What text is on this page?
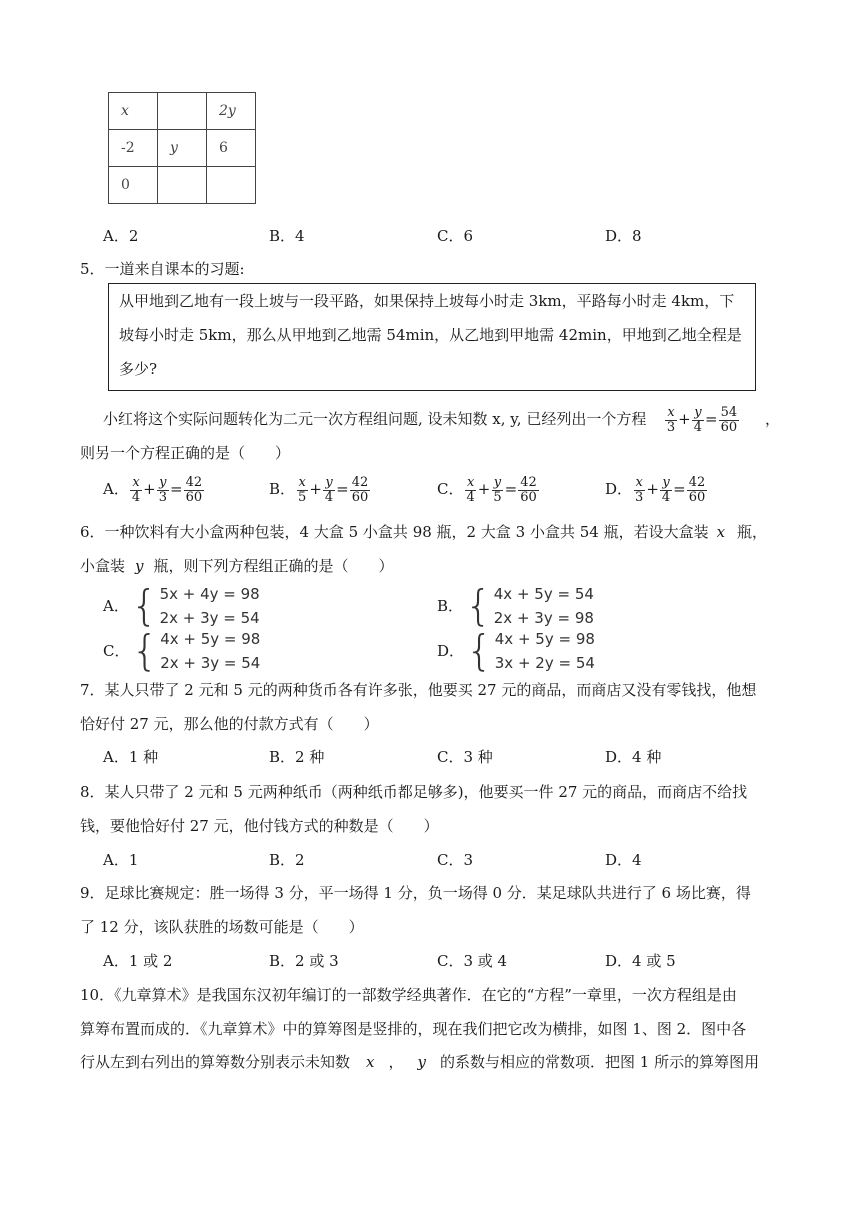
x		2y
-2	y	6
0		
A．2	B．4	C．6	D．8
5．一道来自课本的习题:

从甲地到乙地有一段上坡与一段平路，如果保持上坡每小时走 3km，平路每小时走 4km，下

坡每小时走 5km，那么从甲地到乙地需 54min，从乙地到甲地需 42min，甲地到乙地全程是

多少?

小红将这个实际问题转化为二元一次方程组问题, 设未知数 x, y, 已经列出一个方程 $\frac{x}{3} + \frac{y}{4} = \frac{54}{60}$ ，
则另一个方程正确的是（　　）
A． $\frac{x}{4} + \frac{y}{3} = \frac{42}{60}$	B． $\frac{x}{5} + \frac{y}{4} = \frac{42}{60}$	C． $\frac{x}{4} + \frac{y}{5} = \frac{42}{60}$	D． $\frac{x}{3} + \frac{y}{4} = \frac{42}{60}$
6．一种饮料有大小盒两种包装，4 大盒 5 小盒共 98 瓶，2 大盒 3 小盒共 54 瓶，若设大盒装 x 瓶，
小盒装 y 瓶，则下列方程组正确的是（　　）
A． { 5x + 4y = 98
2x + 3y = 54
B． { 4x + 5y = 54
2x + 3y = 98
C． { 4x + 5y = 98
2x + 3y = 54
D． { 4x + 5y = 98
3x + 2y = 54
7．某人只带了 2 元和 5 元的两种货币各有许多张，他要买 27 元的商品，而商店又没有零钱找，他想
恰好付 27 元，那么他的付款方式有（　　）
A．1 种	B．2 种	C．3 种	D．4 种
8．某人只带了 2 元和 5 元两种纸币（两种纸币都足够多)，他要买一件 27 元的商品，而商店不给找
钱，要他恰好付 27 元，他付钱方式的种数是（　　）
A．1	B．2	C．3	D．4
9．足球比赛规定：胜一场得 3 分，平一场得 1 分，负一场得 0 分．某足球队共进行了 6 场比赛，得
了 12 分，该队获胜的场数可能是（　　）
A．1 或 2	B．2 或 3	C．3 或 4	D．4 或 5
10．《九章算术》是我国东汉初年编订的一部数学经典著作．在它的“方程”一章里，一次方程组是由
算筹布置而成的．《九章算术》中的算筹图是竖排的，现在我们把它改为横排，如图 1、图 2．图中各
行从左到右列出的算筹数分别表示未知数 x ， y 的系数与相应的常数项．把图 1 所示的算筹图用
